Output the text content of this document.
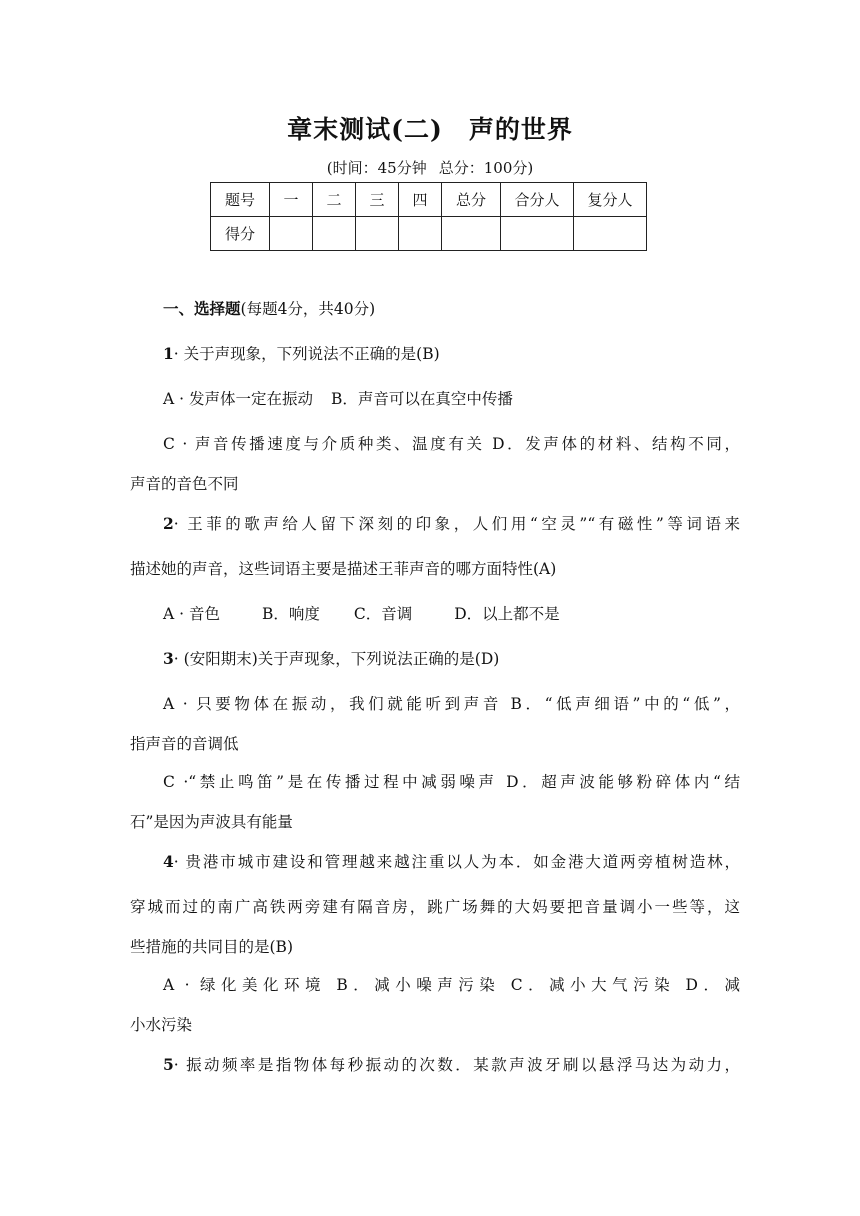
章末测试(二) 声的世界
(时间：45分钟 总分：100分)
题号	一	二	三	四	总分	合分人	复分人
得分							
一、选择题(每题4分，共40分)
1· 关于声现象，下列说法不正确的是(B)
A · 发声体一定在振动 B．声音可以在真空中传播
C · 声音传播速度与介质种类、温度有关 D．发声体的材料、结构不同，
声音的音色不同
2· 王菲的歌声给人留下深刻的印象，人们用“空灵”“有磁性”等词语来
描述她的声音，这些词语主要是描述王菲声音的哪方面特性(A)
A · 音色	B．响度 C．音调	D．以上都不是
3· (安阳期末)关于声现象，下列说法正确的是(D)
A · 只要物体在振动，我们就能听到声音 B．“低声细语”中的“低”，
指声音的音调低
C ·“禁止鸣笛”是在传播过程中减弱噪声 D．超声波能够粉碎体内“结
石”是因为声波具有能量
4· 贵港市城市建设和管理越来越注重以人为本．如金港大道两旁植树造林，
穿城而过的南广高铁两旁建有隔音房，跳广场舞的大妈要把音量调小一些等，这
些措施的共同目的是(B)
A · 绿化美化环境 B．减小噪声污染 C．减小大气污染 D．减
小水污染
5· 振动频率是指物体每秒振动的次数．某款声波牙刷以悬浮马达为动力，
